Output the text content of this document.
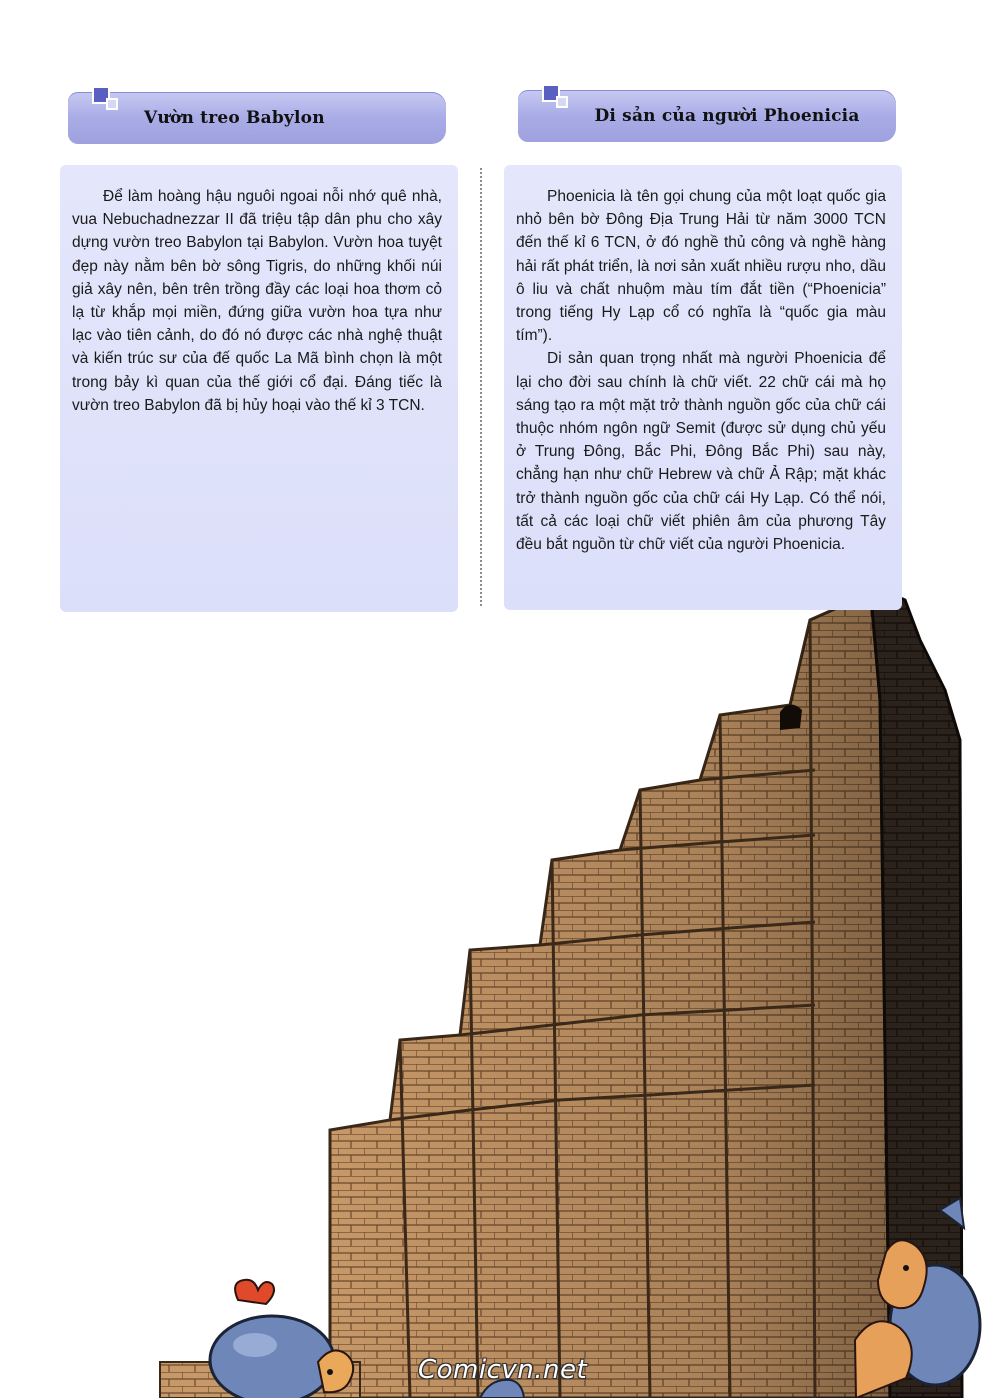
Vườn treo Babylon	Di sản của người Phoenicia

Để làm hoàng hậu nguôi ngoai nỗi nhớ quê nhà, vua Nebuchadnezzar II đã triệu tập dân phu cho xây dựng vườn treo Babylon tại Babylon. Vườn hoa tuyệt đẹp này nằm bên bờ sông Tigris, do những khối núi giả xây nên, bên trên trồng đầy các loại hoa thơm cỏ lạ từ khắp mọi miền, đứng giữa vườn hoa tựa như lạc vào tiên cảnh, do đó nó được các nhà nghệ thuật và kiến trúc sư của đế quốc La Mã bình chọn là một trong bảy kì quan của thế giới cổ đại. Đáng tiếc là vườn treo Babylon đã bị hủy hoại vào thế kỉ 3 TCN.

Phoenicia là tên gọi chung của một loạt quốc gia nhỏ bên bờ Đông Địa Trung Hải từ năm 3000 TCN đến thế kỉ 6 TCN, ở đó nghề thủ công và nghề hàng hải rất phát triển, là nơi sản xuất nhiều rượu nho, dầu ô liu và chất nhuộm màu tím đắt tiền (“Phoenicia” trong tiếng Hy Lạp cổ có nghĩa là “quốc gia màu tím”).

Di sản quan trọng nhất mà người Phoenicia để lại cho đời sau chính là chữ viết. 22 chữ cái mà họ sáng tạo ra một mặt trở thành nguồn gốc của chữ cái thuộc nhóm ngôn ngữ Semit (được sử dụng chủ yếu ở Trung Đông, Bắc Phi, Đông Bắc Phi) sau này, chẳng hạn như chữ Hebrew và chữ Ả Rập; mặt khác trở thành nguồn gốc của chữ cái Hy Lạp. Có thể nói, tất cả các loại chữ viết phiên âm của phương Tây đều bắt nguồn từ chữ viết của người Phoenicia.

Comicvn.net
